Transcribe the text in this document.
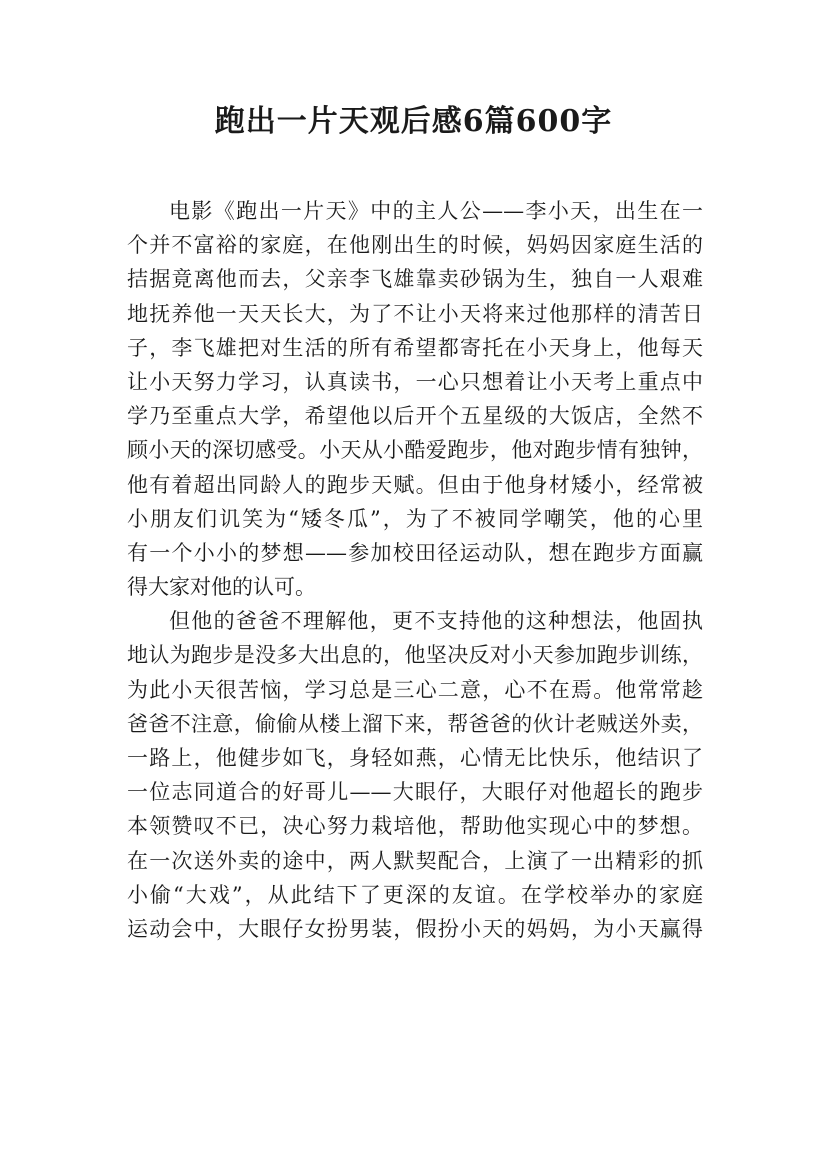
跑出一片天观后感6篇600字
电影《跑出一片天》中的主人公——李小天，出生在一
个并不富裕的家庭，在他刚出生的时候，妈妈因家庭生活的
拮据竟离他而去，父亲李飞雄靠卖砂锅为生，独自一人艰难
地抚养他一天天长大，为了不让小天将来过他那样的清苦日
子，李飞雄把对生活的所有希望都寄托在小天身上，他每天
让小天努力学习，认真读书，一心只想着让小天考上重点中
学乃至重点大学，希望他以后开个五星级的大饭店，全然不
顾小天的深切感受。小天从小酷爱跑步，他对跑步情有独钟，
他有着超出同龄人的跑步天赋。但由于他身材矮小，经常被
小朋友们讥笑为“矮冬瓜”，为了不被同学嘲笑，他的心里
有一个小小的梦想——参加校田径运动队，想在跑步方面赢
得大家对他的认可。
但他的爸爸不理解他，更不支持他的这种想法，他固执
地认为跑步是没多大出息的，他坚决反对小天参加跑步训练，
为此小天很苦恼，学习总是三心二意，心不在焉。他常常趁
爸爸不注意，偷偷从楼上溜下来，帮爸爸的伙计老贼送外卖，
一路上，他健步如飞，身轻如燕，心情无比快乐，他结识了
一位志同道合的好哥儿——大眼仔，大眼仔对他超长的跑步
本领赞叹不已，决心努力栽培他，帮助他实现心中的梦想。
在一次送外卖的途中，两人默契配合，上演了一出精彩的抓
小偷“大戏”，从此结下了更深的友谊。在学校举办的家庭
运动会中，大眼仔女扮男装，假扮小天的妈妈，为小天赢得
